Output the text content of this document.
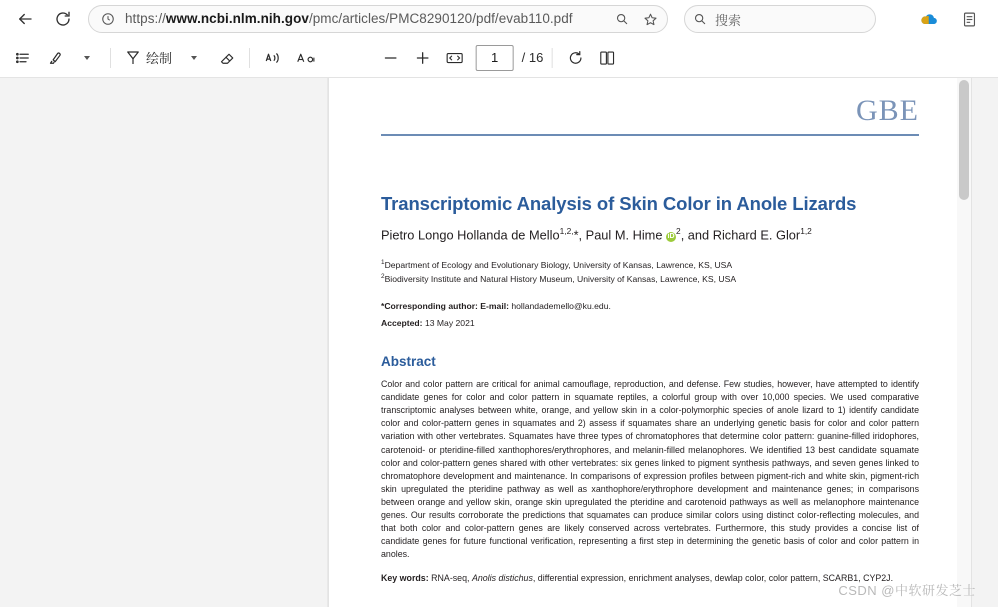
https://www.ncbi.nlm.nih.gov/pmc/articles/PMC8290120/pdf/evab110.pdf	搜索
绘制	1	/ 16
GBE
Transcriptomic Analysis of Skin Color in Anole Lizards
Pietro Longo Hollanda de Mello$^{1,2,}$*, Paul M. Hime $iD^2$, and Richard E. Glor$^{1,2}$
$^1$Department of Ecology and Evolutionary Biology, University of Kansas, Lawrence, KS, USA
$^2$Biodiversity Institute and Natural History Museum, University of Kansas, Lawrence, KS, USA
*Corresponding author: E-mail: hollandademello@ku.edu.
Accepted: 13 May 2021
Abstract
Color and color pattern are critical for animal camouflage, reproduction, and defense. Few studies, however, have attempted to identify candidate genes for color and color pattern in squamate reptiles, a colorful group with over 10,000 species. We used comparative transcriptomic analyses between white, orange, and yellow skin in a color-polymorphic species of anole lizard to 1) identify candidate color and color-pattern genes in squamates and 2) assess if squamates share an underlying genetic basis for color and color pattern variation with other vertebrates. Squamates have three types of chromatophores that determine color pattern: guanine-filled iridophores, carotenoid- or pteridine-filled xanthophores/erythrophores, and melanin-filled melanophores. We identified 13 best candidate squamate color and color-pattern genes shared with other vertebrates: six genes linked to pigment synthesis pathways, and seven genes linked to chromatophore development and maintenance. In comparisons of expression profiles between pigment-rich and white skin, pigment-rich skin upregulated the pteridine pathway as well as xanthophore/erythrophore development and maintenance genes; in comparisons between orange and yellow skin, orange skin upregulated the pteridine and carotenoid pathways as well as melanophore maintenance genes. Our results corroborate the predictions that squamates can produce similar colors using distinct color-reflecting molecules, and that both color and color-pattern genes are likely conserved across vertebrates. Furthermore, this study provides a concise list of candidate genes for future functional verification, representing a first step in determining the genetic basis of color and color pattern in anoles.
Key words: RNA-seq, Anolis distichus, differential expression, enrichment analyses, dewlap color, color pattern, SCARB1, CYP2J.
CSDN @中软研发芝士
